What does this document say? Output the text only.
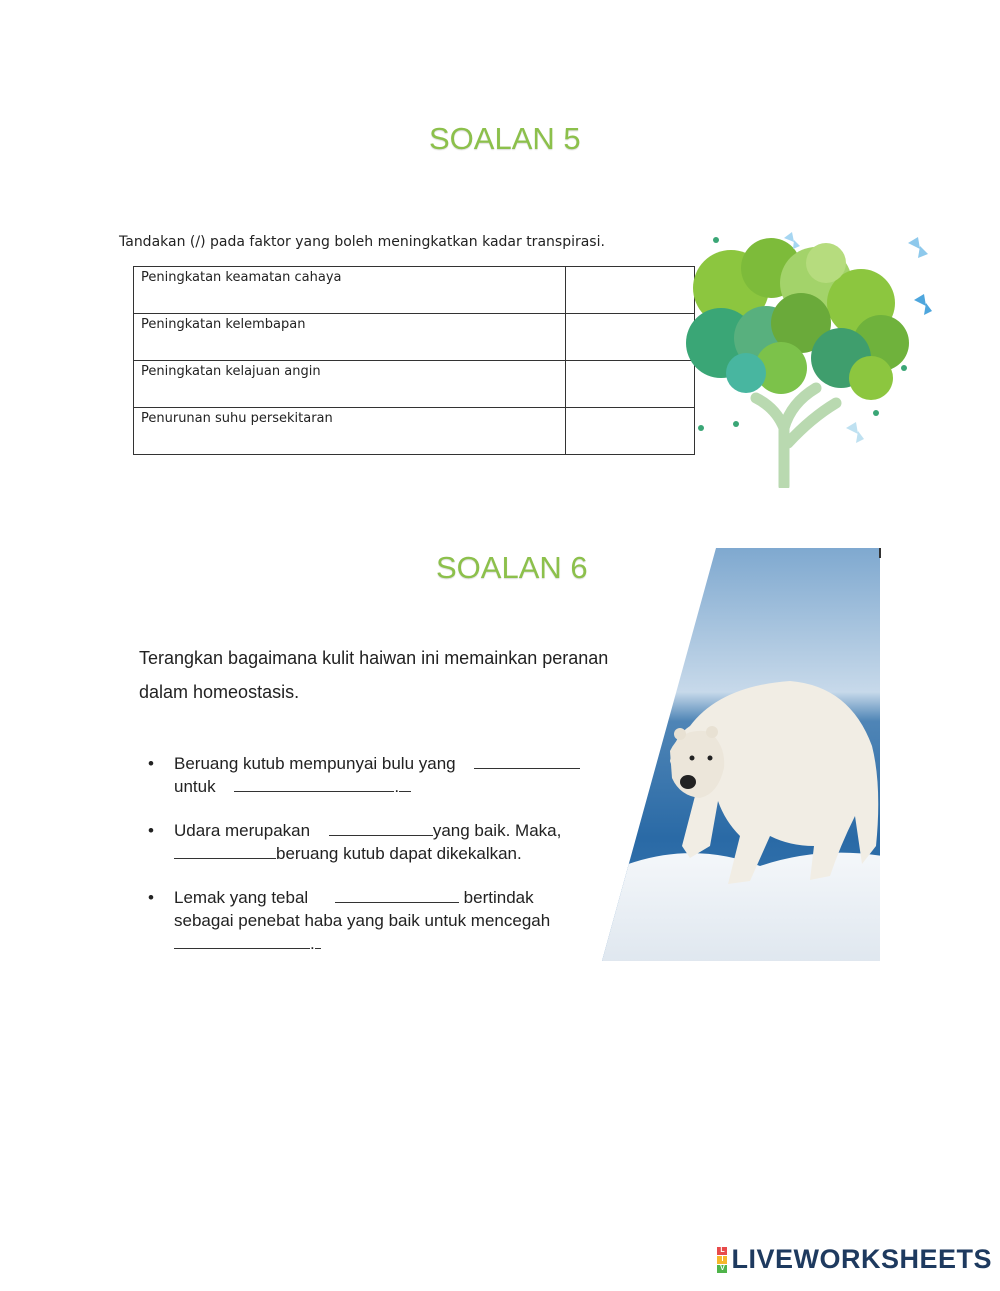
SOALAN 5
Tandakan (/) pada faktor yang boleh meningkatkan kadar transpirasi.
Peningkatan keamatan cahaya	
Peningkatan kelembapan	
Peningkatan kelajuan angin	
Penurunan suhu persekitaran	
SOALAN 6
Terangkan bagaimana kulit haiwan ini memainkan peranan dalam homeostasis.
• Beruang kutub mempunyai bulu yang
untuk	.
• Udara merupakan	yang baik. Maka,
beruang kutub dapat dikekalkan.
• Lemak yang tebal	bertindak
sebagai penebat haba yang baik untuk mencegah
.
L
I
V LIVEWORKSHEETS
